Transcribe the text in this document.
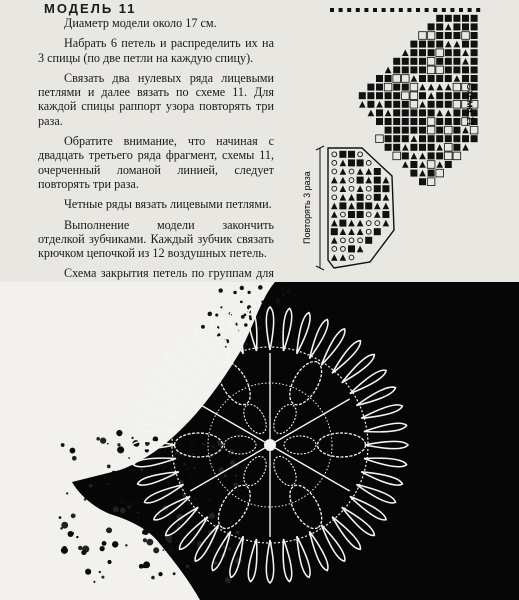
МОДЕЛЬ 11

Диаметр модели около 17 см.

Набрать 6 петель и распределить их на 3 спицы (по две петли на каждую спицу).

Связать два нулевых ряда лицевыми петлями и далее вязать по схеме 11. Для каждой спицы раппорт узора повторять три раза.

Обратите внимание, что начиная с двадцать третьего ряда фрагмент, схемы 11, очерченный ломаной линией, следует повторять три раза.

Четные ряды вязать лицевыми петлями.

Выполнение модели закончить отделкой зубчиками. Каждый зубчик связать крючком цепочкой из 12 воздушных петель.

Схема закрытия петель по группам для

Схема 11
Повторять 3 раза
